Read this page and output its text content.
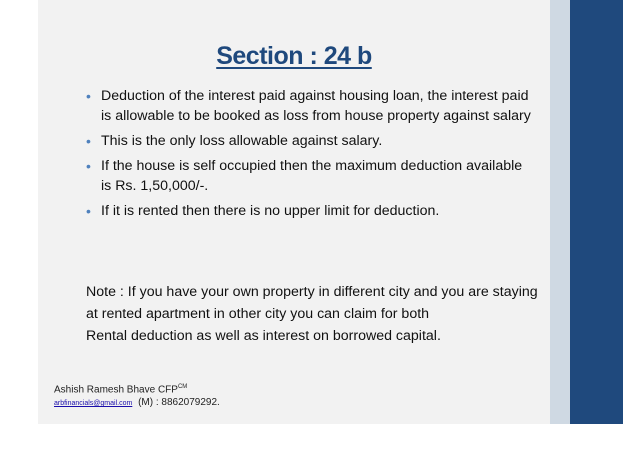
Section : 24 b
• Deduction of the interest paid against housing loan, the interest paid is allowable to be booked as loss from house property against salary
• This is the only loss allowable against salary.
• If the house is self occupied then the maximum deduction available is Rs. 1,50,000/-.
• If it is rented then there is no upper limit for deduction.

Note : If you have your own property in different city and you are staying at rented apartment in other city you can claim for both

Rental deduction as well as interest on borrowed capital.

Ashish Ramesh Bhave $CFP^{CM}$
arbfinancials@gmail.com (M) : 8862079292.
